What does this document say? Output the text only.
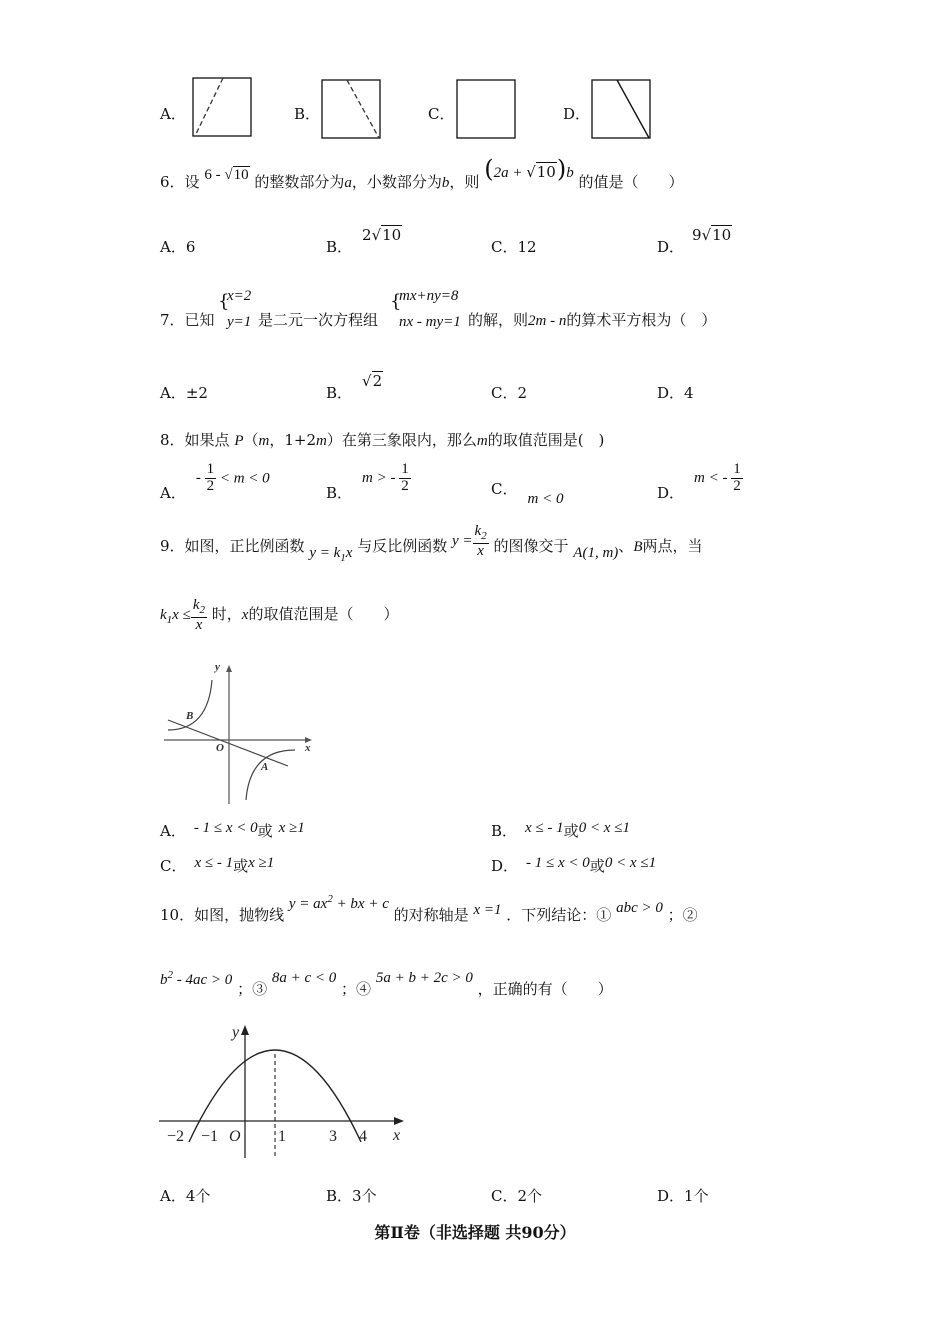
A．	B．	C．	D．
6．设 6 - √10 的整数部分为a，小数部分为b，则 (2a + √10)b 的值是（　　）
A．6	B．2√10
C．12	D．9√10
7．已知
{
x=2
y=1 是二元一次方程组
{
mx+ny=8
nx - my=1 的解，则2m - n的算术平方根为（　）
A．±2	B．√2
C．2	D．4
8．如果点 P（m，1+2m）在第三象限内，那么m的取值范围是(　)
A．- $\frac{1}{2} < m < 0$
B．m > - $\frac{1}{2}$	C．m < 0	D．m < - $\frac{1}{2}$
9．如图，正比例函数 $y = k_1x$ 与反比例函数 $y = \frac{k_2}{x}$ 的图像交于 A(1, m)、B两点，当
$k_1x \le \frac{k_2}{x}$ 时，x的取值范围是（　　）
y
x
O
B
A
A． - 1 ≤ x < 0或 x ≥1	B． x ≤ - 1或0 < x ≤1
C． x ≤ - 1或x ≥1	D． - 1 ≤ x < 0或0 < x ≤1
10．如图，抛物线 $y = ax^2$ + bx + c 的对称轴是 x =1 ．下列结论：① abc > 0 ；②
$b^2 - 4ac > 0$ ；③ 8a + c < 0 ；④ 5a + b + 2c > 0 ，正确的有（　　）
y
x
O
−2 −1	1	3 4
A．4个	B．3个	C．2个	D．1个
第Ⅱ卷（非选择题 共90分）
